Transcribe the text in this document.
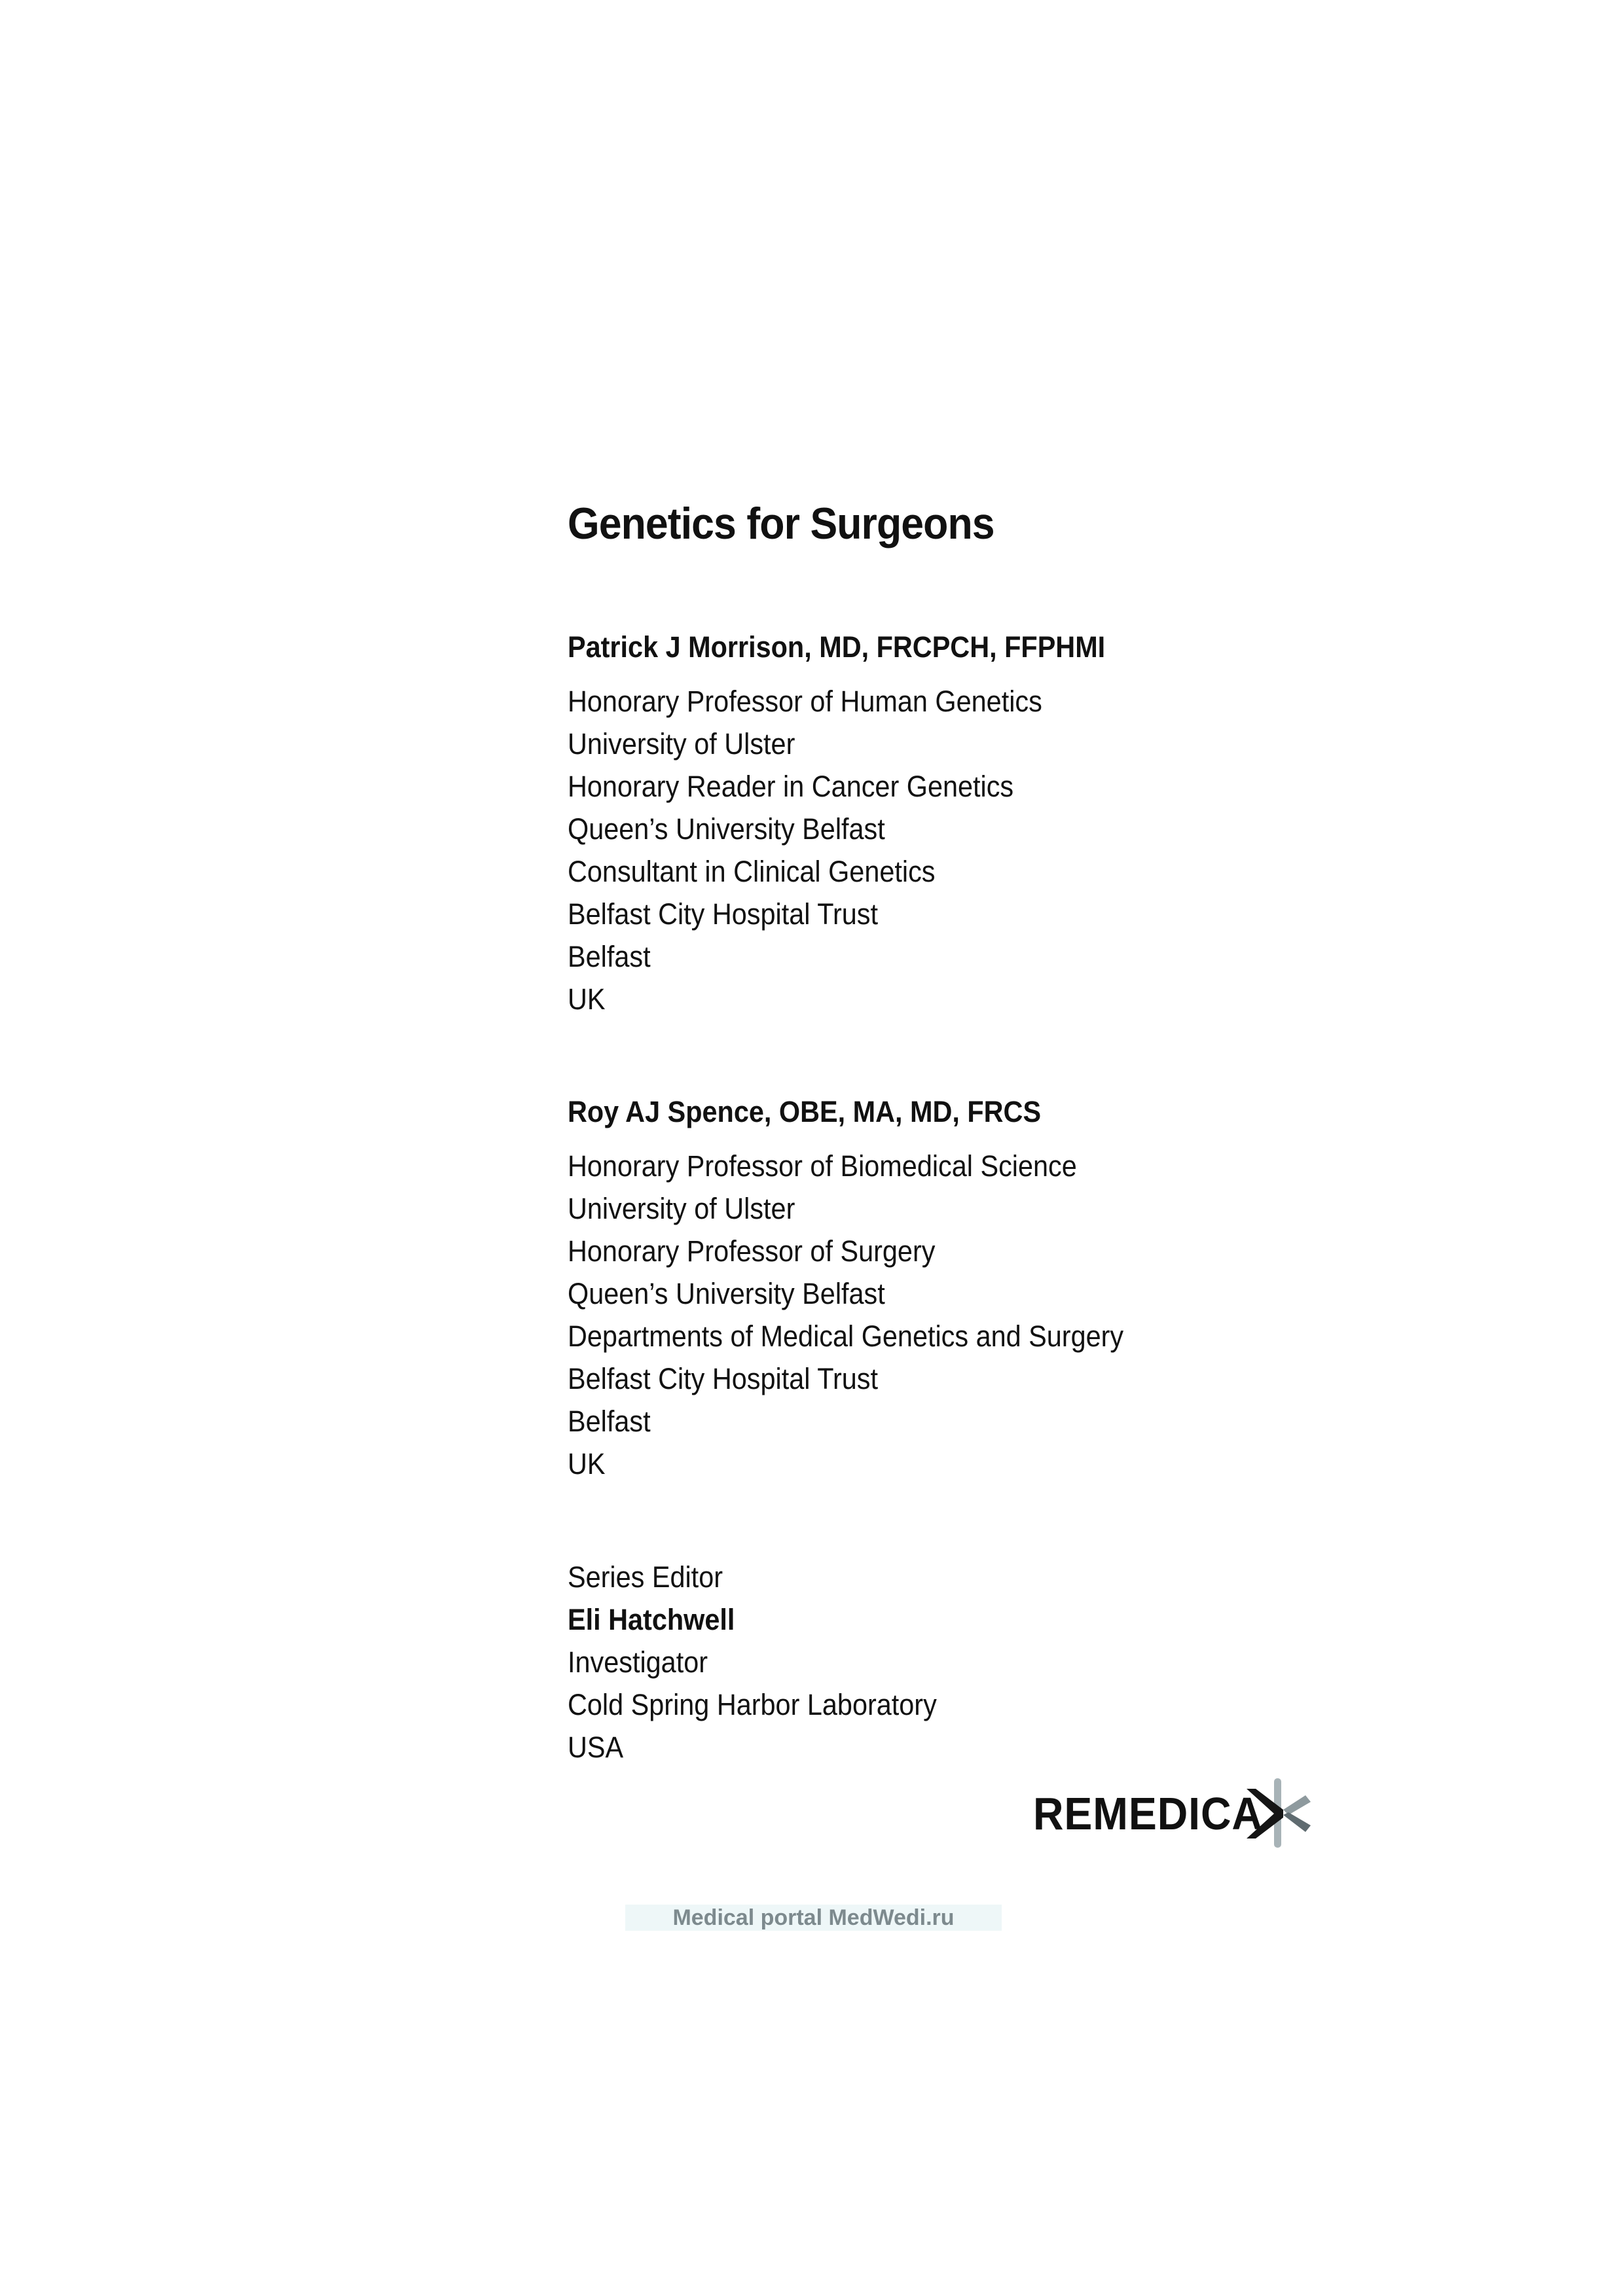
Genetics for Surgeons
Patrick J Morrison, MD, FRCPCH, FFPHMI
Honorary Professor of Human Genetics
University of Ulster
Honorary Reader in Cancer Genetics
Queen’s University Belfast
Consultant in Clinical Genetics
Belfast City Hospital Trust
Belfast
UK
Roy AJ Spence, OBE, MA, MD, FRCS
Honorary Professor of Biomedical Science
University of Ulster
Honorary Professor of Surgery
Queen’s University Belfast
Departments of Medical Genetics and Surgery
Belfast City Hospital Trust
Belfast
UK
Series Editor
Eli Hatchwell
Investigator
Cold Spring Harbor Laboratory
USA
REMEDICA
Medical portal MedWedi.ru
